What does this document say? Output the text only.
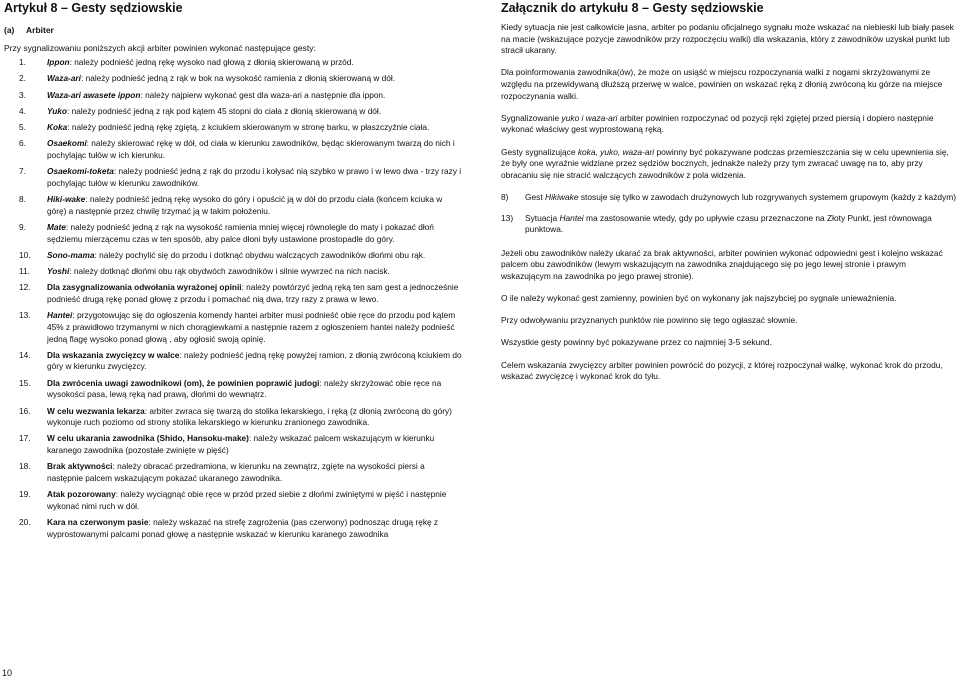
Artykuł 8 – Gesty sędziowskie
(a) Arbiter
Przy sygnalizowaniu poniższych akcji arbiter powinien wykonać następujące gesty:
1.	Ippon: należy podnieść jedną rękę wysoko nad głową z dłonią skierowaną w przód.
2.	Waza-ari: należy podnieść jedną z rąk w bok na wysokość ramienia z dłonią skierowaną w dół.
3.	Waza-ari awasete ippon: należy najpierw wykonać gest dla waza-ari a następnie dla ippon.
4.	Yuko: należy podnieść jedną z rąk pod kątem 45 stopni do ciała z dłonią skierowaną w dół.
5.	Koka: należy podnieść jedną rękę zgiętą, z kciukiem skierowanym w stronę barku, w płaszczyźnie ciała.
6.	Osaekomi: należy skierować rękę w dół, od ciała w kierunku zawodników, będąc skierowanym twarzą do nich i pochylając tułów w ich kierunku.
7.	Osaekomi-toketa: należy podnieść jedną z rąk do przodu i kołysać nią szybko w prawo i w lewo dwa - trzy razy i pochylając tułów w kierunku zawodników.
8.	Hiki-wake: należy podnieść jedną rękę wysoko do góry i opuścić ją w dół do przodu ciała (końcem kciuka w górę) a następnie przez chwilę trzymać ją w takim położeniu.
9.	Mate: należy podnieść jedną z rąk na wysokość ramienia mniej więcej równolegle do maty i pokazać dłoń sędziemu mierzącemu czas w ten sposób, aby palce dłoni były ustawione prostopadle do góry.
10.	Sono-mama: należy pochylić się do przodu i dotknąć obydwu walczących zawodników dłońmi obu rąk.
11.	Yoshi: należy dotknąć dłońmi obu rąk obydwóch zawodników i silnie wywrzeć na nich nacisk.
12.	Dla zasygnalizowania odwołania wyrażonej opinii: należy powtórzyć jedną ręką ten sam gest a jednocześnie podnieść drugą rękę ponad głowę z przodu i pomachać nią dwa, trzy razy z prawa w lewo.
13.	Hantei: przygotowując się do ogłoszenia komendy hantei arbiter musi podnieść obie ręce do przodu pod kątem 45% z prawidłowo trzymanymi w nich chorągiewkami a następnie razem z ogłoszeniem hantei należy podnieść jedną flagę wysoko ponad głową , aby ogłosić swoją opinię.
14.	Dla wskazania zwycięzcy w walce: należy podnieść jedną rękę powyżej ramion, z dłonią zwróconą kciukiem do góry w kierunku zwycięzcy.
15.	Dla zwrócenia uwagi zawodnikowi (om), że powinien poprawić judogi: należy skrzyżować obie ręce na wysokości pasa, lewą ręką nad prawą, dłońmi do wewnątrz.
16.	W celu wezwania lekarza: arbiter zwraca się twarzą do stolika lekarskiego, i ręką (z dłonią zwróconą do góry) wykonuje ruch poziomo od strony stolika lekarskiego w kierunku zranionego zawodnika.
17.	W celu ukarania zawodnika (Shido, Hansoku-make): należy wskazać palcem wskazującym w kierunku karanego zawodnika (pozostałe zwinięte w pięść)
18.	Brak aktywności: należy obracać przedramiona, w kierunku na zewnątrz, zgięte na wysokości piersi a następnie palcem wskazującym pokazać ukaranego zawodnika.
19.	Atak pozorowany: należy wyciągnąć obie ręce w przód przed siebie z dłońmi zwiniętymi w pięść i następnie wykonać nimi ruch w dół.
20.	Kara na czerwonym pasie: należy wskazać na strefę zagrożenia (pas czerwony) podnosząc drugą rękę z wyprostowanymi palcami ponad głowę a następnie wskazać w kierunku karanego zawodnika
10
Załącznik do artykułu 8 – Gesty sędziowskie

Kiedy sytuacja nie jest całkowicie jasna, arbiter po podaniu oficjalnego sygnału może wskazać na niebieski lub biały pasek na macie (wskazujące pozycje zawodników przy rozpoczęciu walki) dla wskazania, który z zawodników uzyskał punkt lub stracił ukarany.

Dla poinformowania zawodnika(ów), że może on usiąść w miejscu rozpoczynania walki z nogami skrzyżowanymi ze względu na przewidywaną dłuższą przerwę w walce, powinien on wskazać ręką z dłonią zwróconą ku górze na miejsce rozpoczynania walki.

Sygnalizowanie yuko i waza-ari arbiter powinien rozpoczynać od pozycji ręki zgiętej przed piersią i dopiero następnie wykonać właściwy gest wyprostowaną ręką.

Gesty sygnalizujące koka, yuko, waza-ari powinny być pokazywane podczas przemieszczania się w celu upewnienia się, że były one wyraźnie widziane przez sędziów bocznych, jednakże należy przy tym zwracać uwagę na to, aby przy obracaniu się nie stracić walczących zawodników z pola widzenia.

8)	Gest Hikiwake stosuje się tylko w zawodach drużynowych lub rozgrywanych systemem grupowym (każdy z każdym)
13)	Sytuacja Hantei ma zastosowanie wtedy, gdy po upływie czasu przeznaczone na Złoty Punkt, jest równowaga punktowa.

Jeżeli obu zawodników należy ukarać za brak aktywności, arbiter powinien wykonać odpowiedni gest i kolejno wskazać palcem obu zawodników (lewym wskazującym na zawodnika znajdującego się po jego lewej stronie i prawym wskazującym na zawodnika po jego prawej stronie).

O ile należy wykonać gest zamienny, powinien być on wykonany jak najszybciej po sygnale unieważnienia.

Przy odwoływaniu przyznanych punktów nie powinno się tego ogłaszać słownie.

Wszystkie gesty powinny być pokazywane przez co najmniej 3-5 sekund.

Celem wskazania zwycięzcy arbiter powinien powrócić do pozycji, z której rozpoczynał walkę, wykonać krok do przodu, wskazać zwycięzcę i wykonać krok do tyłu.
